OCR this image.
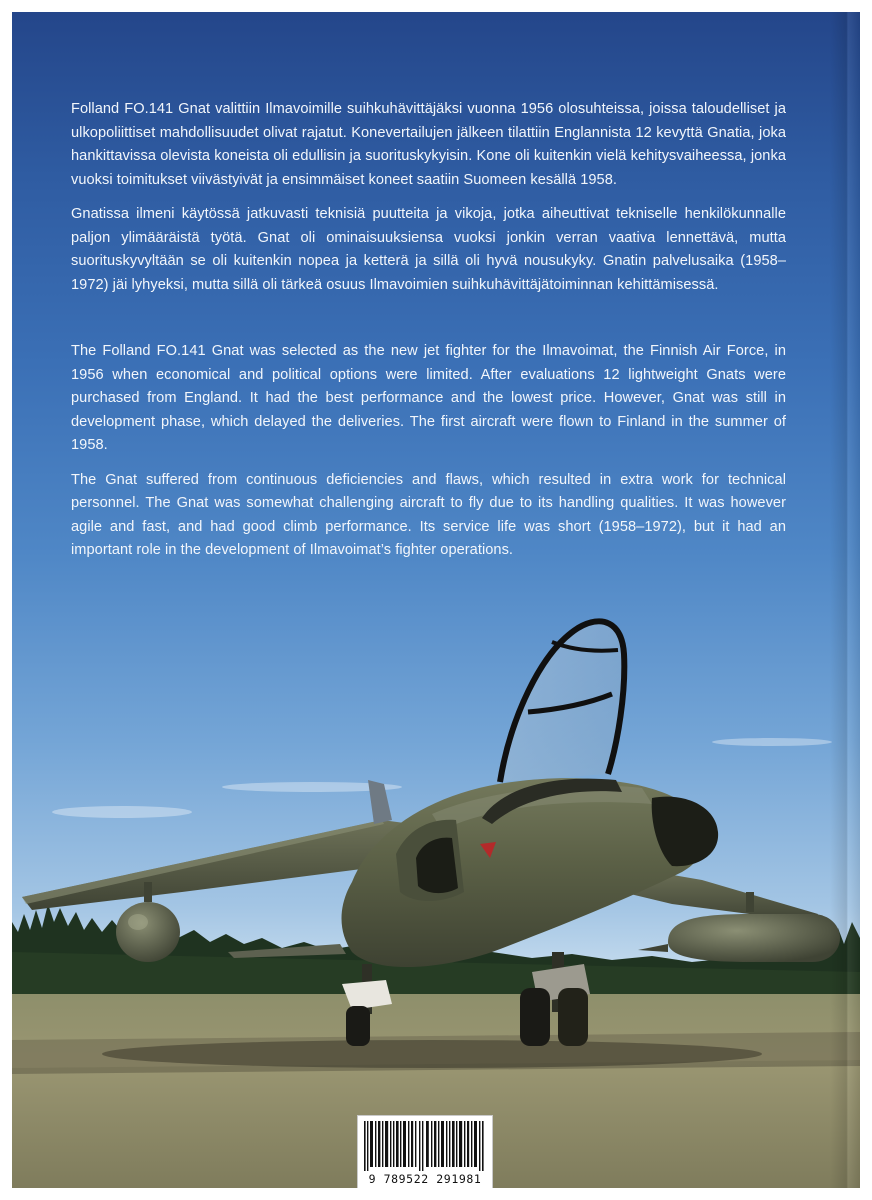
Folland FO.141 Gnat valittiin Ilmavoimille suihkuhävittäjäksi vuonna 1956 olosuhteissa, joissa taloudelliset ja ulkopoliittiset mahdollisuudet olivat rajatut. Konevertailujen jälkeen tilattiin Englannista 12 kevyttä Gnatia, joka hankittavissa olevista koneista oli edullisin ja suorituskykyisin. Kone oli kuitenkin vielä kehitysvaiheessa, jonka vuoksi toimitukset viivästyivät ja ensimmäiset koneet saatiin Suomeen kesällä 1958.

Gnatissa ilmeni käytössä jatkuvasti teknisiä puutteita ja vikoja, jotka aiheuttivat tekniselle henkilökunnalle paljon ylimääräistä työtä. Gnat oli ominaisuuksiensa vuoksi jonkin verran vaativa lennettävä, mutta suorituskyvyltään se oli kuitenkin nopea ja ketterä ja sillä oli hyvä nousukyky. Gnatin palvelusaika (1958–1972) jäi lyhyeksi, mutta sillä oli tärkeä osuus Ilmavoimien suihkuhävittäjätoiminnan kehittämisessä.

The Folland FO.141 Gnat was selected as the new jet fighter for the Ilmavoimat, the Finnish Air Force, in 1956 when economical and political options were limited. After evaluations 12 lightweight Gnats were purchased from England. It had the best performance and the lowest price. However, Gnat was still in development phase, which delayed the deliveries. The first aircraft were flown to Finland in the summer of 1958.

The Gnat suffered from continuous deficiencies and flaws, which resulted in extra work for technical personnel. The Gnat was somewhat challenging aircraft to fly due to its handling qualities. It was however agile and fast, and had good climb performance. Its service life was short (1958–1972), but it had an important role in the development of Ilmavoimat’s fighter operations.

9 789522 291981
